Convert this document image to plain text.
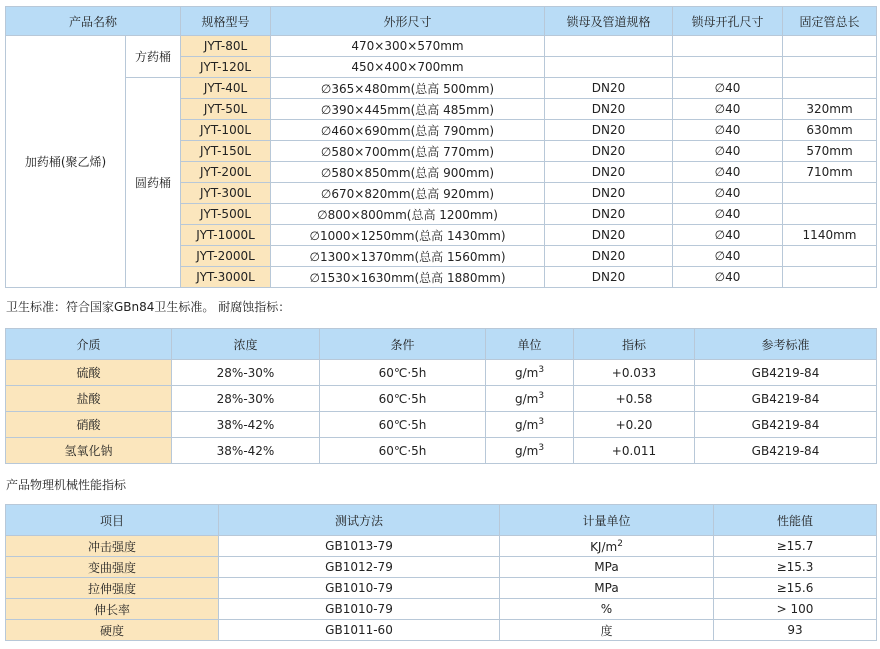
产品名称		规格型号	外形尺寸	锁母及管道规格	锁母开孔尺寸	固定管总长
加药桶(聚乙烯)	方药桶	JYT-80L	470×300×570mm			
		JYT-120L	450×400×700mm			
	圆药桶	JYT-40L	∅365×480mm(总高 500mm)	DN20	∅40	
		JYT-50L	∅390×445mm(总高 485mm)	DN20	∅40	320mm
		JYT-100L	∅460×690mm(总高 790mm)	DN20	∅40	630mm
		JYT-150L	∅580×700mm(总高 770mm)	DN20	∅40	570mm
		JYT-200L	∅580×850mm(总高 900mm)	DN20	∅40	710mm
		JYT-300L	∅670×820mm(总高 920mm)	DN20	∅40	
		JYT-500L	∅800×800mm(总高 1200mm)	DN20	∅40	
		JYT-1000L	∅1000×1250mm(总高 1430mm)	DN20	∅40	1140mm
		JYT-2000L	∅1300×1370mm(总高 1560mm)	DN20	∅40	
		JYT-3000L	∅1530×1630mm(总高 1880mm)	DN20	∅40	
卫生标准：符合国家GBn84卫生标准。 耐腐蚀指标：
介质	浓度	条件	单位	指标	参考标准
硫酸	28%-30%	60℃·5h	$g/m^3$	+0.033	GB4219-84
盐酸	28%-30%	60℃·5h	$g/m^3$	+0.58	GB4219-84
硝酸	38%-42%	60℃·5h	$g/m^3$	+0.20	GB4219-84
氢氧化钠	38%-42%	60℃·5h	$g/m^3$	+0.011	GB4219-84
产品物理机械性能指标
项目	测试方法	计量单位	性能值
冲击强度	GB1013-79	$KJ/m^2$	≥15.7
变曲强度	GB1012-79	MPa	≥15.3
拉伸强度	GB1010-79	MPa	≥15.6
伸长率	GB1010-79	%	> 100
硬度	GB1011-60	度	93
